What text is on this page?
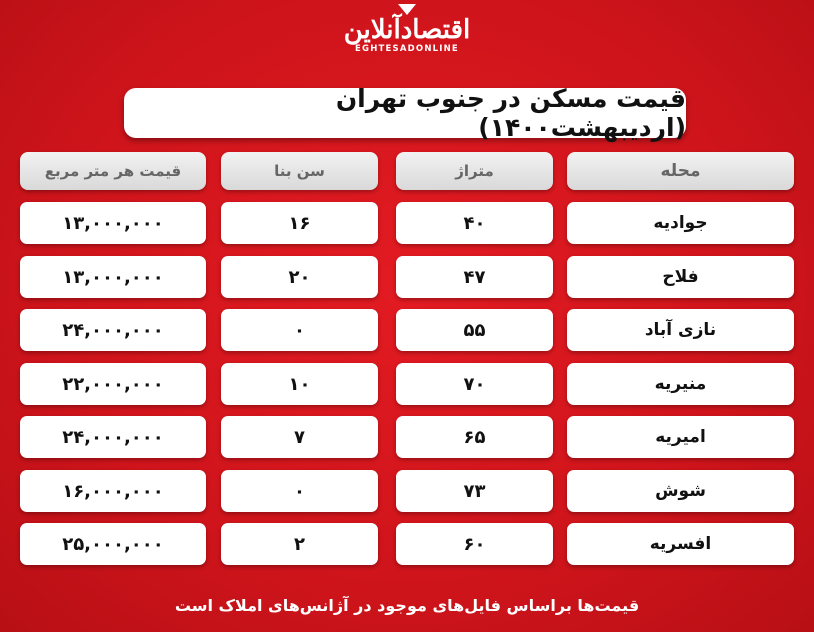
اقتصادآنلاین
EGHTESADONLINE
قیمت مسکن در جنوب تهران (اردیبهشت۱۴۰۰)
محله
متراژ
سن بنا
قیمت هر متر مربع
جوادیه
۴۰
۱۶
۱۳,۰۰۰,۰۰۰
فلاح
۴۷
۲۰
۱۳,۰۰۰,۰۰۰
نازی آباد
۵۵
۰
۲۴,۰۰۰,۰۰۰
منیریه
۷۰
۱۰
۲۲,۰۰۰,۰۰۰
امیریه
۶۵
۷
۲۴,۰۰۰,۰۰۰
شوش
۷۳
۰
۱۶,۰۰۰,۰۰۰
افسریه
۶۰
۲
۲۵,۰۰۰,۰۰۰
قیمت‌ها براساس فایل‌های موجود در آژانس‌های املاک است
